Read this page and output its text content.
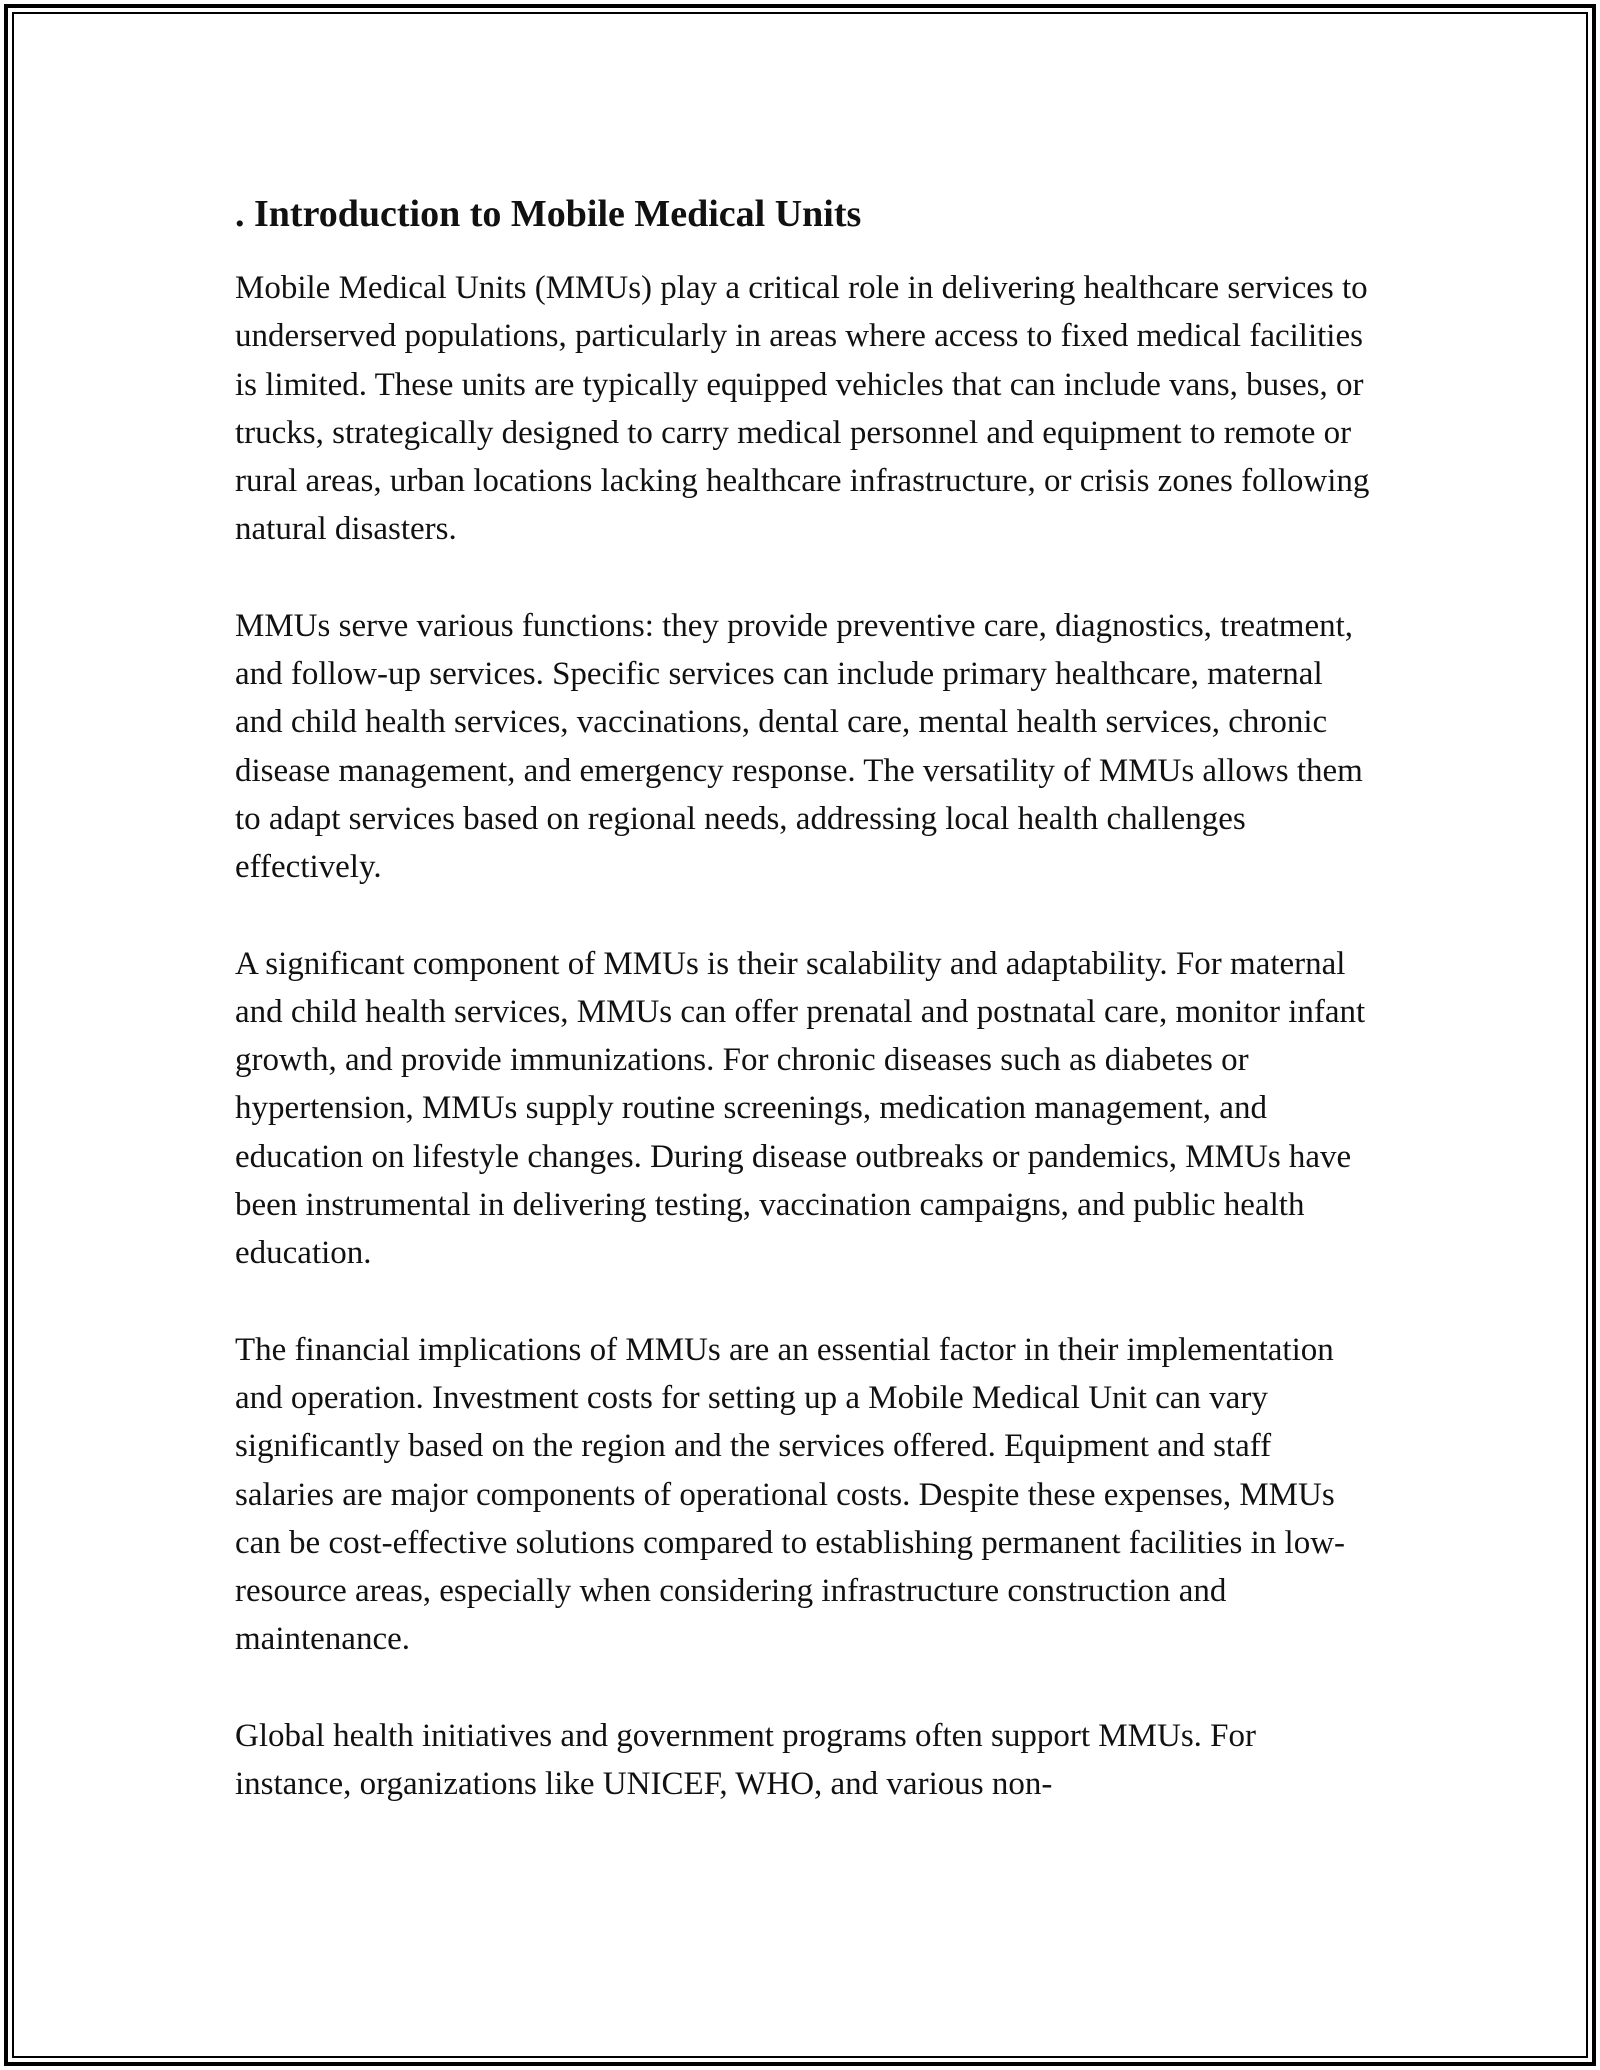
. Introduction to Mobile Medical Units

Mobile Medical Units (MMUs) play a critical role in delivering healthcare services to underserved populations, particularly in areas where access to fixed medical facilities is limited. These units are typically equipped vehicles that can include vans, buses, or trucks, strategically designed to carry medical personnel and equipment to remote or rural areas, urban locations lacking healthcare infrastructure, or crisis zones following natural disasters.

MMUs serve various functions: they provide preventive care, diagnostics, treatment, and follow-up services. Specific services can include primary healthcare, maternal and child health services, vaccinations, dental care, mental health services, chronic disease management, and emergency response. The versatility of MMUs allows them to adapt services based on regional needs, addressing local health challenges effectively.

A significant component of MMUs is their scalability and adaptability. For maternal and child health services, MMUs can offer prenatal and postnatal care, monitor infant growth, and provide immunizations. For chronic diseases such as diabetes or hypertension, MMUs supply routine screenings, medication management, and education on lifestyle changes. During disease outbreaks or pandemics, MMUs have been instrumental in delivering testing, vaccination campaigns, and public health education.

The financial implications of MMUs are an essential factor in their implementation and operation. Investment costs for setting up a Mobile Medical Unit can vary significantly based on the region and the services offered. Equipment and staff salaries are major components of operational costs. Despite these expenses, MMUs can be cost-effective solutions compared to establishing permanent facilities in low-resource areas, especially when considering infrastructure construction and maintenance.

Global health initiatives and government programs often support MMUs. For instance, organizations like UNICEF, WHO, and various non-
